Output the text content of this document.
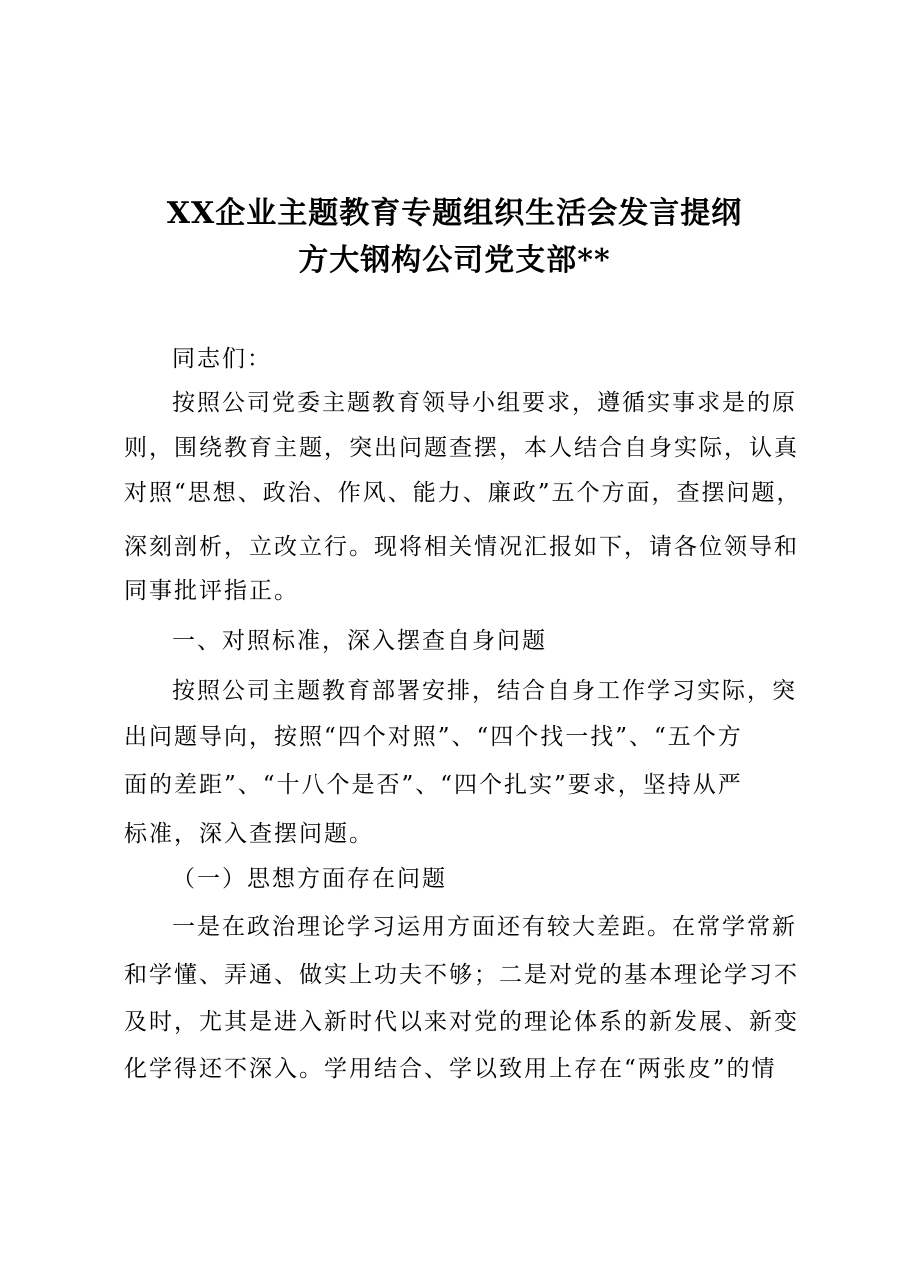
XX企业主题教育专题组织生活会发言提纲
方大钢构公司党支部**
同志们：
按照公司党委主题教育领导小组要求，遵循实事求是的原
则，围绕教育主题，突出问题查摆，本人结合自身实际，认真
对照“思想、政治、作风、能力、廉政”五个方面，查摆问题，
深刻剖析，立改立行。现将相关情况汇报如下，请各位领导和
同事批评指正。
一、对照标准，深入摆查自身问题
按照公司主题教育部署安排，结合自身工作学习实际，突
出问题导向，按照“四个对照”、“四个找一找”、“五个方
面的差距”、“十八个是否”、“四个扎实”要求，坚持从严
标准，深入查摆问题。
（一）思想方面存在问题
一是在政治理论学习运用方面还有较大差距。在常学常新
和学懂、弄通、做实上功夫不够；二是对党的基本理论学习不
及时，尤其是进入新时代以来对党的理论体系的新发展、新变
化学得还不深入。学用结合、学以致用上存在“两张皮”的情
